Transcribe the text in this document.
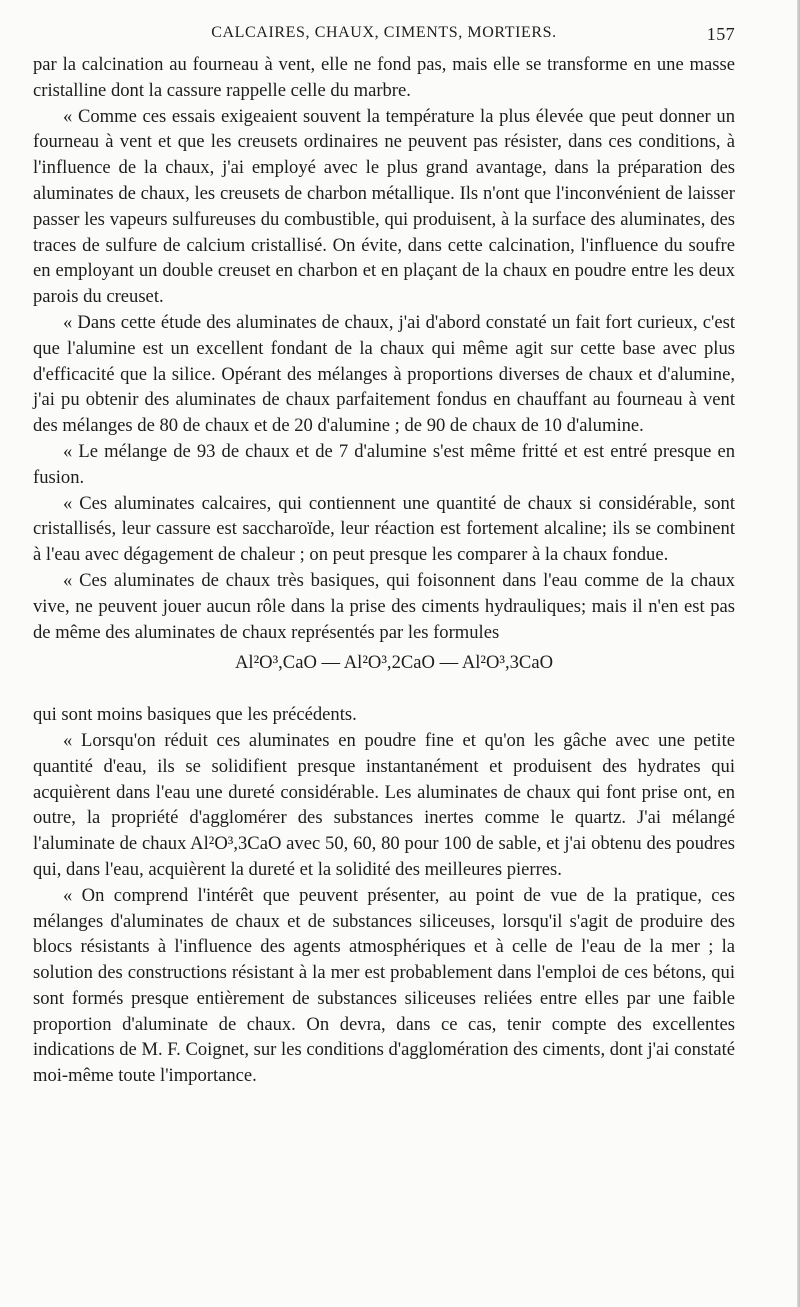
CALCAIRES, CHAUX, CIMENTS, MORTIERS.	157

par la calcination au fourneau à vent, elle ne fond pas, mais elle se transforme en une masse cristalline dont la cassure rappelle celle du marbre.

« Comme ces essais exigeaient souvent la température la plus élevée que peut donner un fourneau à vent et que les creusets ordinaires ne peuvent pas résister, dans ces conditions, à l'influence de la chaux, j'ai employé avec le plus grand avantage, dans la préparation des aluminates de chaux, les creusets de charbon métallique. Ils n'ont que l'inconvénient de laisser passer les vapeurs sulfureuses du combustible, qui produisent, à la surface des aluminates, des traces de sulfure de calcium cristallisé. On évite, dans cette calcination, l'influence du soufre en employant un double creuset en charbon et en plaçant de la chaux en poudre entre les deux parois du creuset.

« Dans cette étude des aluminates de chaux, j'ai d'abord constaté un fait fort curieux, c'est que l'alumine est un excellent fondant de la chaux qui même agit sur cette base avec plus d'efficacité que la silice. Opérant des mélanges à proportions diverses de chaux et d'alumine, j'ai pu obtenir des aluminates de chaux parfaitement fondus en chauffant au fourneau à vent des mélanges de 80 de chaux et de 20 d'alumine ; de 90 de chaux de 10 d'alumine.

« Le mélange de 93 de chaux et de 7 d'alumine s'est même fritté et est entré presque en fusion.

« Ces aluminates calcaires, qui contiennent une quantité de chaux si considérable, sont cristallisés, leur cassure est saccharoïde, leur réaction est fortement alcaline; ils se combinent à l'eau avec dégagement de chaleur ; on peut presque les comparer à la chaux fondue.

« Ces aluminates de chaux très basiques, qui foisonnent dans l'eau comme de la chaux vive, ne peuvent jouer aucun rôle dans la prise des ciments hydrauliques; mais il n'en est pas de même des aluminates de chaux représentés par les formules

Al²O³,CaO — Al²O³,2CaO — Al²O³,3CaO

qui sont moins basiques que les précédents.

« Lorsqu'on réduit ces aluminates en poudre fine et qu'on les gâche avec une petite quantité d'eau, ils se solidifient presque instantanément et produisent des hydrates qui acquièrent dans l'eau une dureté considérable. Les aluminates de chaux qui font prise ont, en outre, la propriété d'agglomérer des substances inertes comme le quartz. J'ai mélangé l'aluminate de chaux Al²O³,3CaO avec 50, 60, 80 pour 100 de sable, et j'ai obtenu des poudres qui, dans l'eau, acquièrent la dureté et la solidité des meilleures pierres.

« On comprend l'intérêt que peuvent présenter, au point de vue de la pratique, ces mélanges d'aluminates de chaux et de substances siliceuses, lorsqu'il s'agit de produire des blocs résistants à l'influence des agents atmosphériques et à celle de l'eau de la mer ; la solution des constructions résistant à la mer est probablement dans l'emploi de ces bétons, qui sont formés presque entièrement de substances siliceuses reliées entre elles par une faible proportion d'aluminate de chaux. On devra, dans ce cas, tenir compte des excellentes indications de M. F. Coignet, sur les conditions d'agglomération des ciments, dont j'ai constaté moi-même toute l'importance.
